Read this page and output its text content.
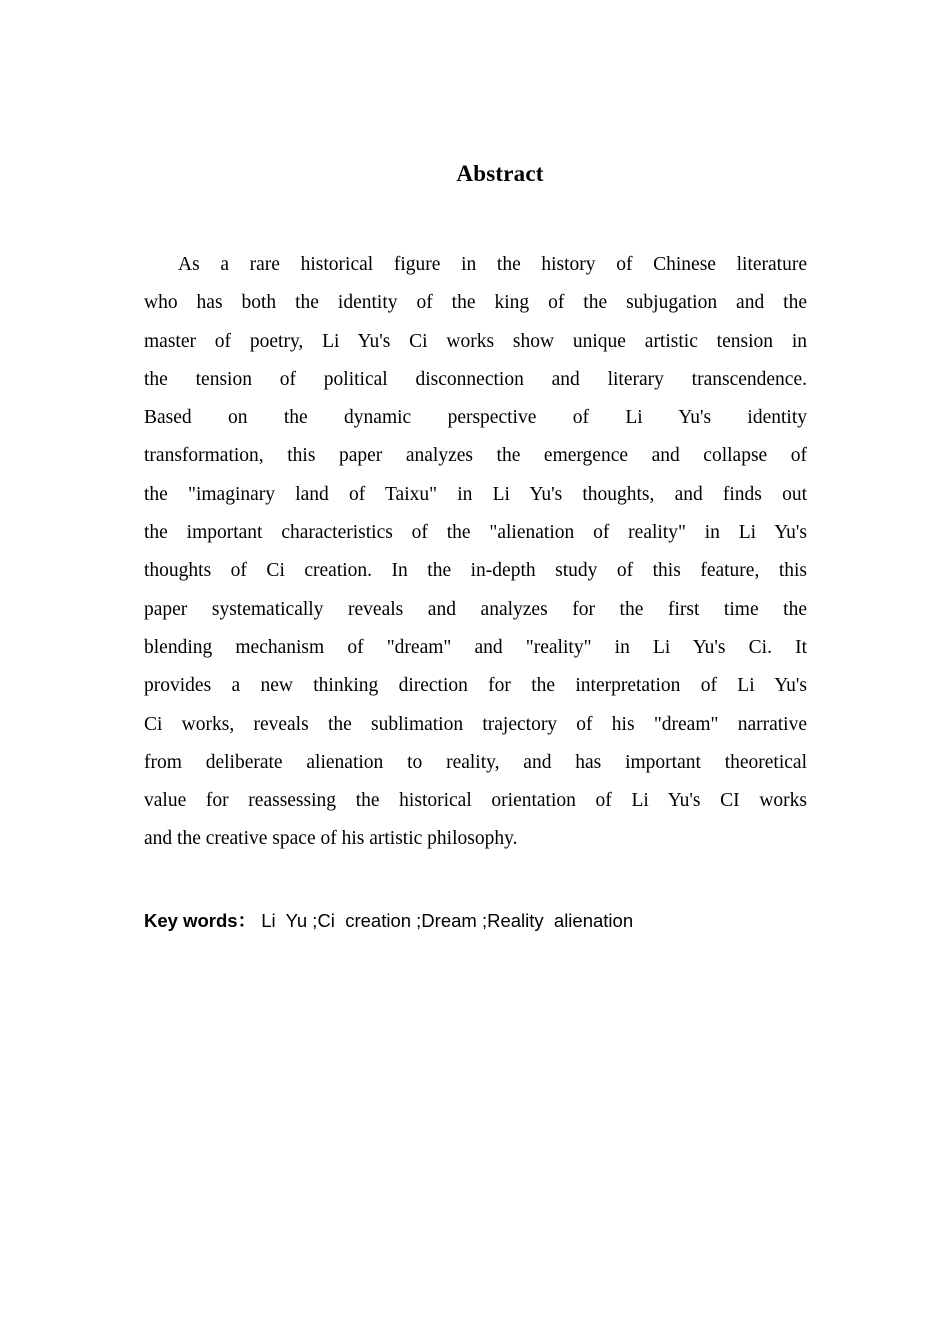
Abstract
As a rare historical figure in the history of Chinese literature
who has both the identity of the king of the subjugation and the
master of poetry, Li Yu's Ci works show unique artistic tension in
the tension of political disconnection and literary transcendence.
Based on the dynamic perspective of Li Yu's identity
transformation, this paper analyzes the emergence and collapse of
the "imaginary land of Taixu" in Li Yu's thoughts, and finds out
the important characteristics of the "alienation of reality" in Li Yu's
thoughts of Ci creation. In the in-depth study of this feature, this
paper systematically reveals and analyzes for the first time the
blending mechanism of "dream" and "reality" in Li Yu's Ci. It
provides a new thinking direction for the interpretation of Li Yu's
Ci works, reveals the sublimation trajectory of his "dream" narrative
from deliberate alienation to reality, and has important theoretical
value for reassessing the historical orientation of Li Yu's CI works
and the creative space of his artistic philosophy.
Key words： Li  Yu ;Ci  creation ;Dream ;Reality  alienation
